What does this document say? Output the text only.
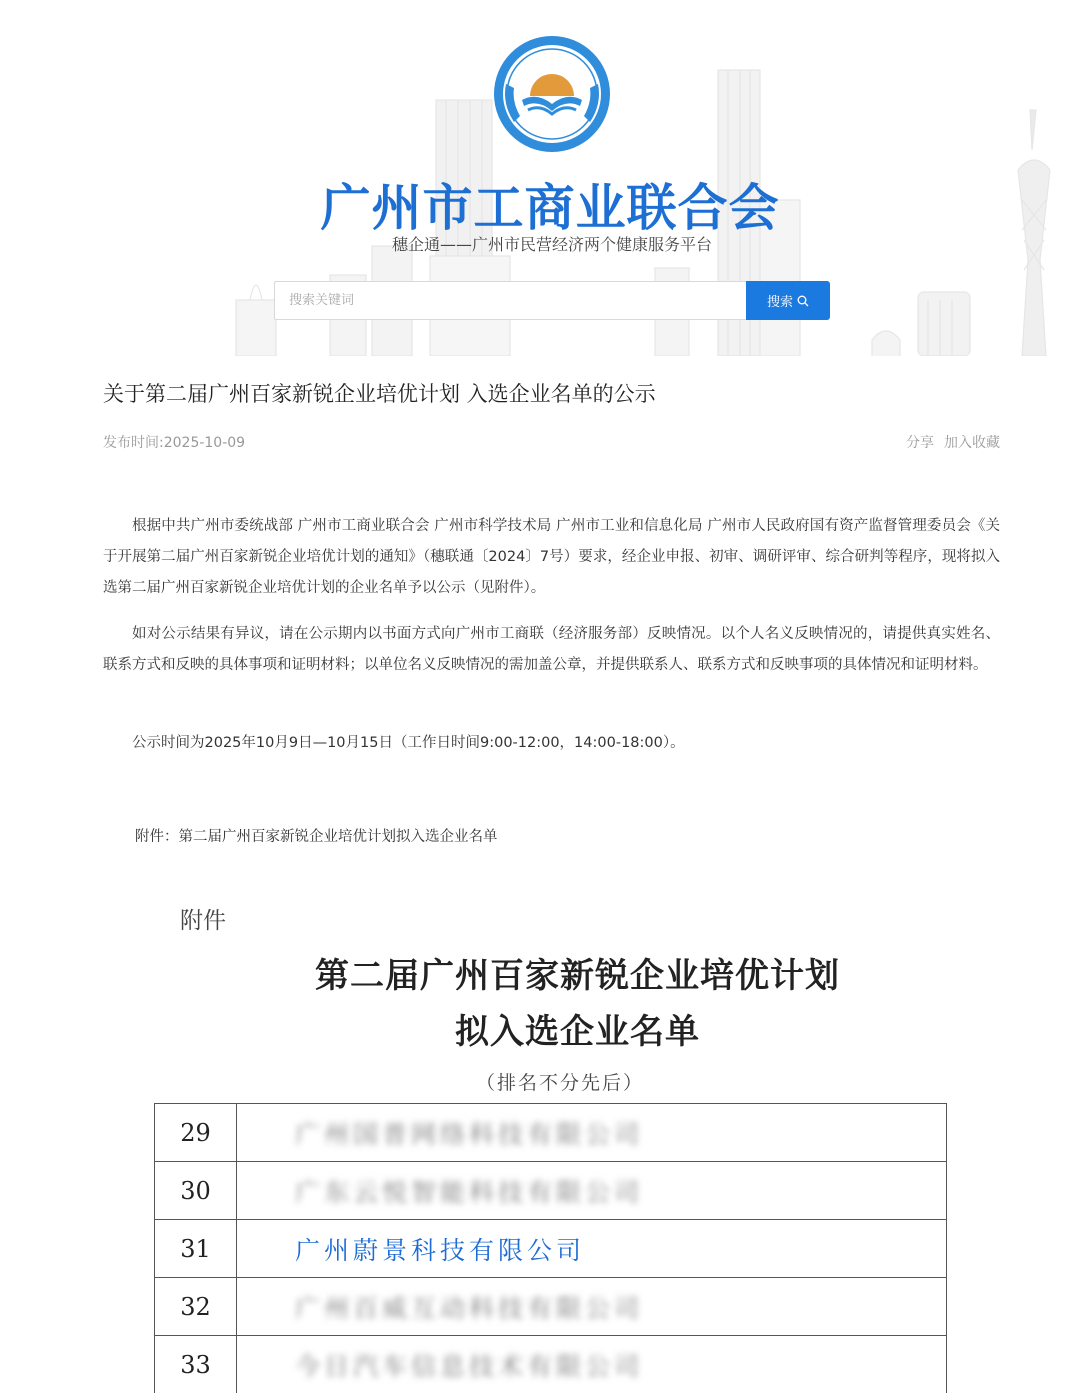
广州市工商业联合会
穗企通——广州市民营经济两个健康服务平台
搜索关键词
搜索
关于第二届广州百家新锐企业培优计划 入选企业名单的公示
发布时间:2025-10-09	分享 加入收藏

根据中共广州市委统战部 广州市工商业联合会 广州市科学技术局 广州市工业和信息化局 广州市人民政府国有资产监督管理委员会《关于开展第二届广州百家新锐企业培优计划的通知》（穗联通〔2024〕7号）要求，经企业申报、初审、调研评审、综合研判等程序，现将拟入选第二届广州百家新锐企业培优计划的企业名单予以公示（见附件）。

如对公示结果有异议，请在公示期内以书面方式向广州市工商联（经济服务部）反映情况。以个人名义反映情况的，请提供真实姓名、联系方式和反映的具体事项和证明材料；以单位名义反映情况的需加盖公章，并提供联系人、联系方式和反映事项的具体情况和证明材料。

公示时间为2025年10月9日—10月15日（工作日时间9:00-12:00，14:00-18:00）。

附件：第二届广州百家新锐企业培优计划拟入选企业名单
附件
第二届广州百家新锐企业培优计划
拟入选企业名单
（排名不分先后）
29	广州国普网络科技有限公司
30	广东云悦智能科技有限公司
31	广州蔚景科技有限公司
32	广州百威互动科技有限公司
33	今日汽车信息技术有限公司
